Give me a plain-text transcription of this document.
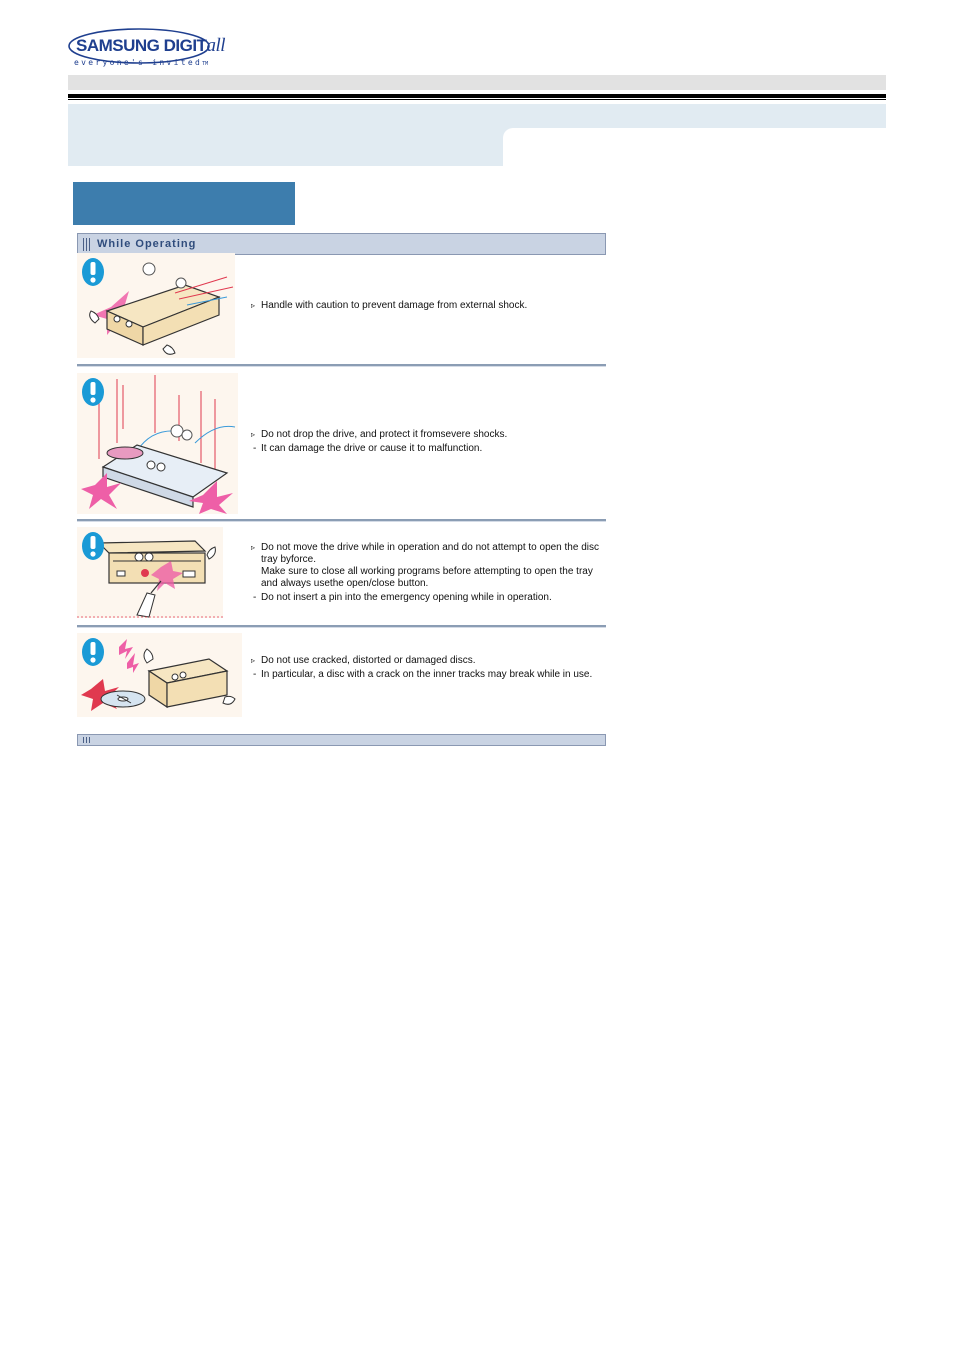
SAMSUNG DIGITall
everyone's invitedTM
While Operating

▹ Handle with caution to prevent damage from external shock.

▹ Do not drop the drive, and protect it fromsevere shocks.

- It can damage the drive or cause it to malfunction.

▹ Do not move the drive while in operation and do not attempt to open the disc tray byforce.

Make sure to close all working programs before attempting to open the tray and always usethe open/close button.

- Do not insert a pin into the emergency opening while in operation.

▹ Do not use cracked, distorted or damaged discs.

- In particular, a disc with a crack on the inner tracks may break while in use.
